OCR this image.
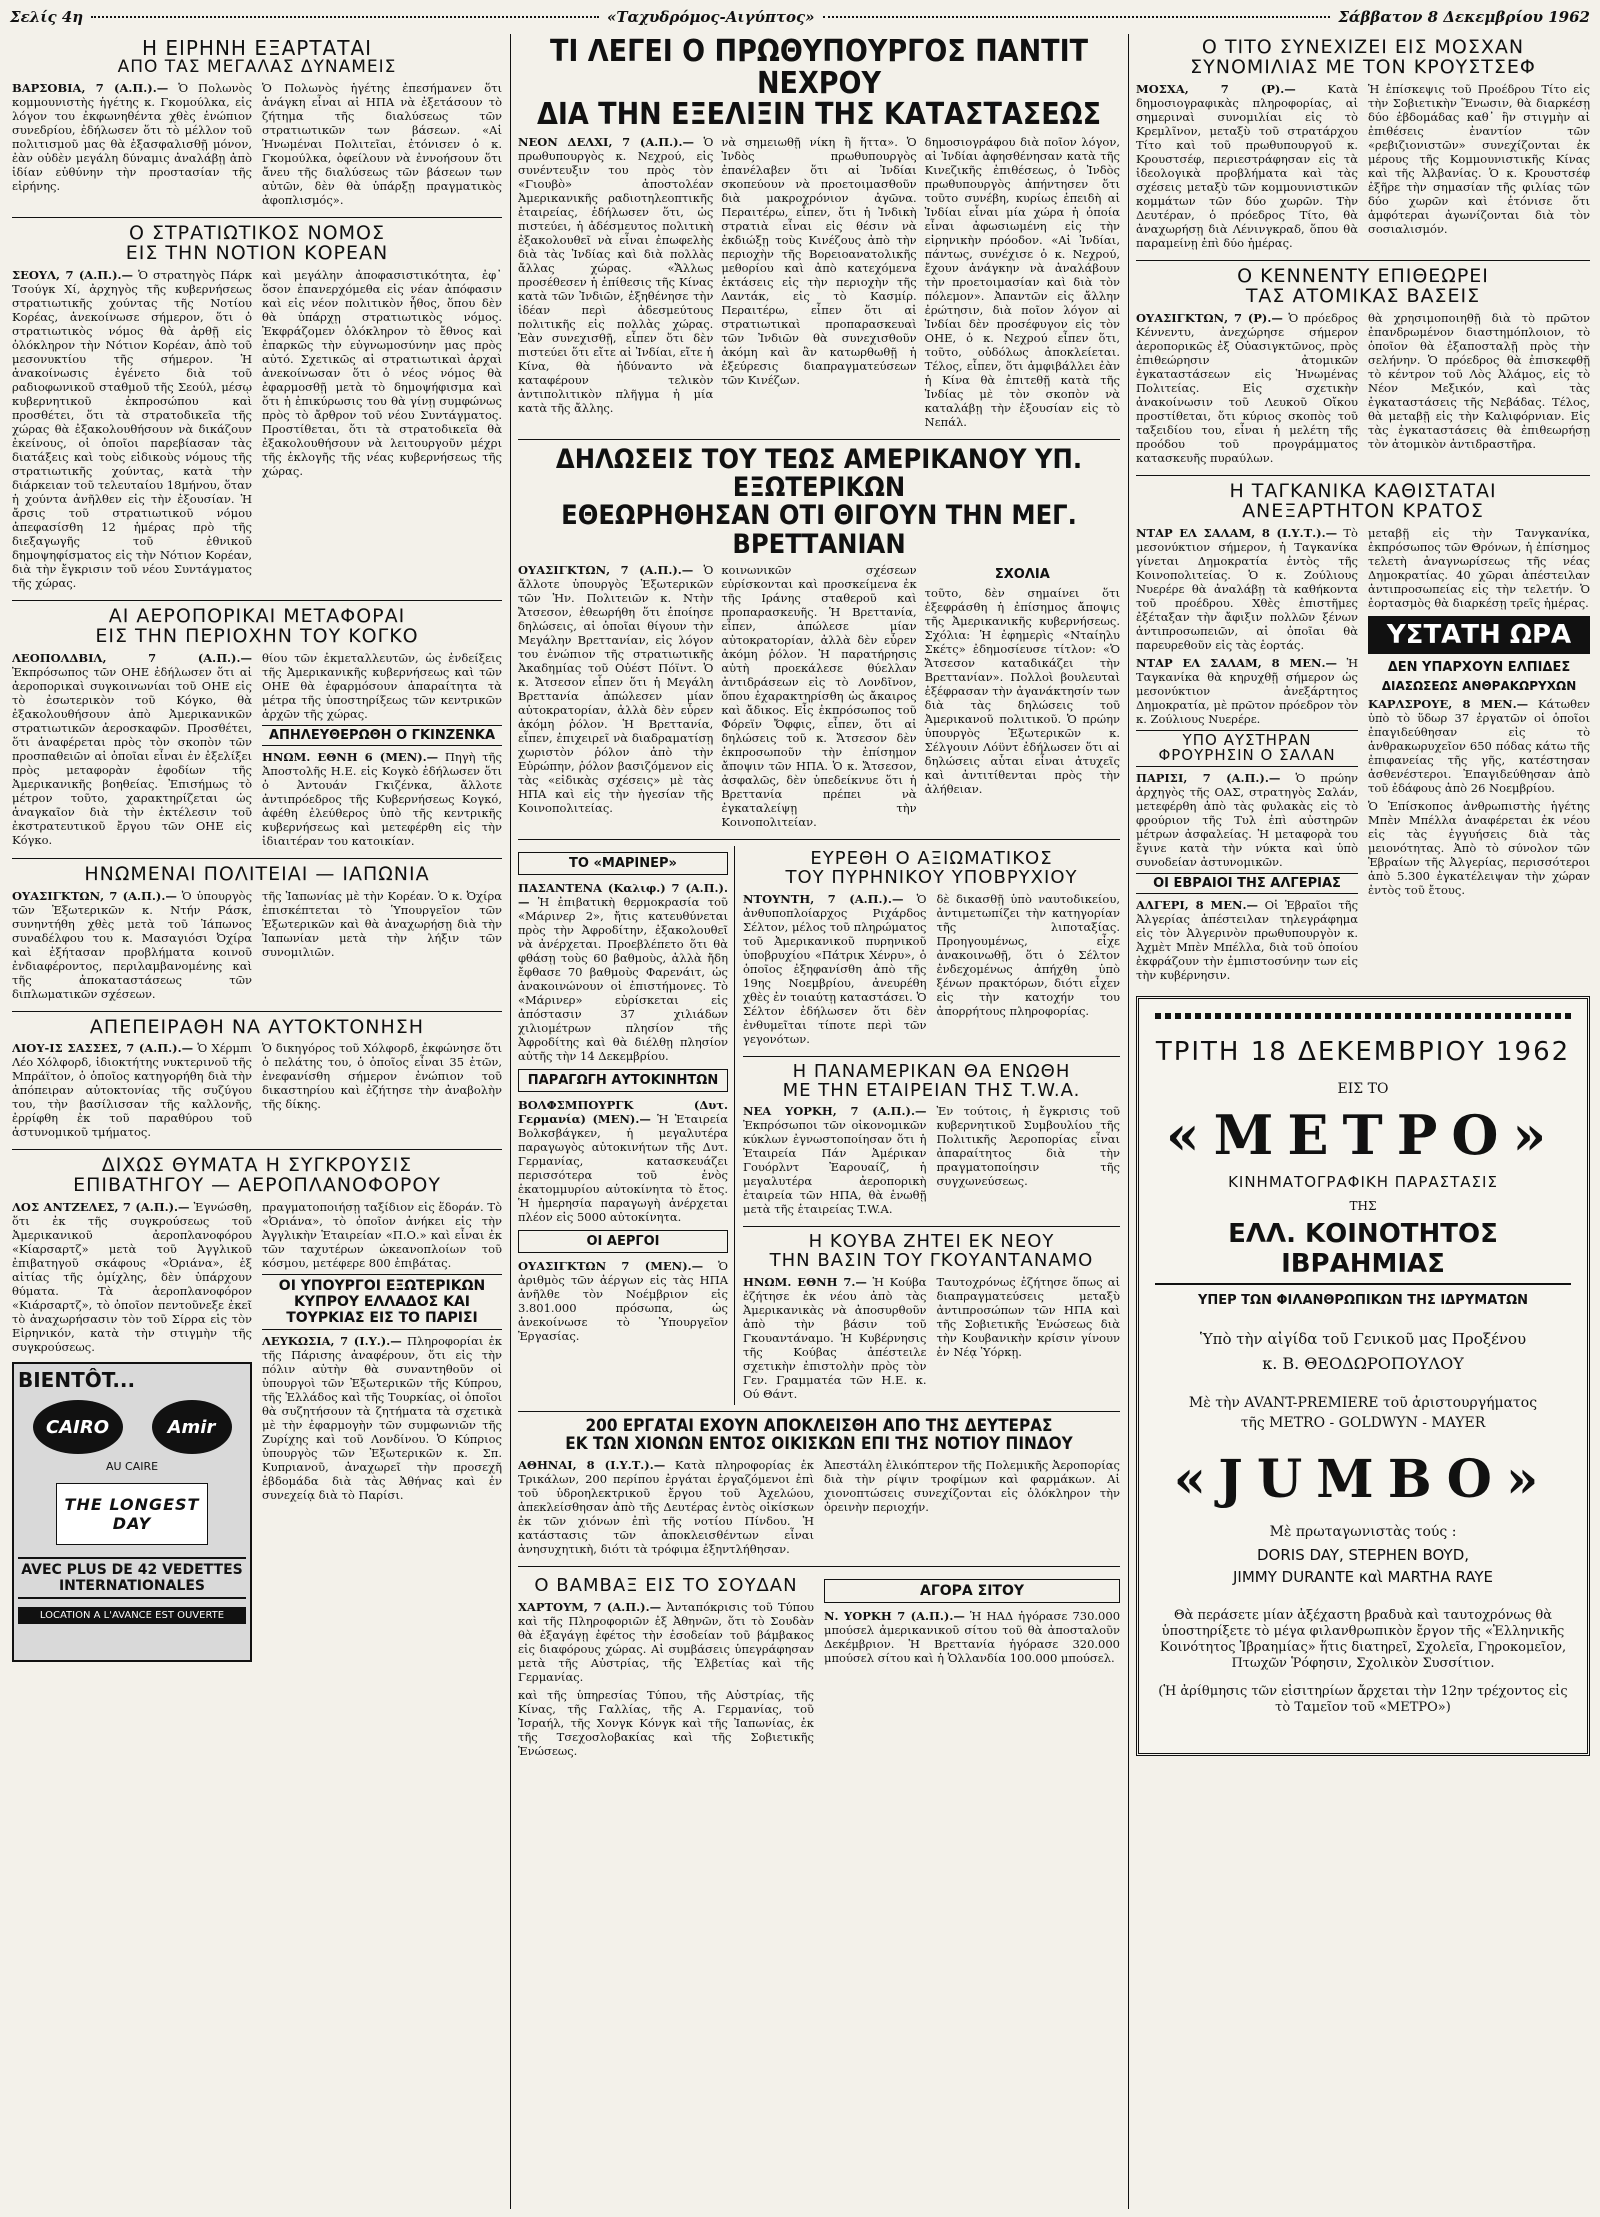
Σελίς 4η	«Ταχυδρόμος-Αιγύπτος»	Σάββατον 8 Δεκεμβρίου 1962
Η ΕΙΡΗΝΗ ΕΞΑΡΤΑΤΑΙ
ΑΠΟ ΤΑΣ ΜΕΓΑΛΑΣ ΔΥΝΑΜΕΙΣ

ΒΑΡΣΟΒΙΑ, 7 (Α.Π.).— Ὁ Πολωνὸς κομμουνιστὴς ἡγέτης κ. Γκομούλκα, εἰς λόγον του ἐκφωνηθέντα χθὲς ἐνώπιον συνεδρίου, ἐδήλωσεν ὅτι τὸ μέλλον τοῦ πολιτισμοῦ μας θὰ ἐξασφαλισθῇ μόνον, ἐὰν οὐδὲν μεγάλη δύναμις ἀναλάβῃ ἀπὸ ἰδίαν εὐθύνην τὴν προστασίαν τῆς εἰρήνης.

Ὁ Πολωνὸς ἡγέτης ἐπεσήμανεν ὅτι ἀνάγκη εἶναι αἱ ΗΠΑ νὰ ἐξετάσουν τὸ ζήτημα τῆς διαλύσεως τῶν στρατιωτικῶν των βάσεων. «Αἱ Ἡνωμέναι Πολιτεῖαι, ἐτόνισεν ὁ κ. Γκομούλκα, ὀφείλουν νὰ ἐννοήσουν ὅτι ἄνευ τῆς διαλύσεως τῶν βάσεων των αὐτῶν, δὲν θὰ ὑπάρξῃ πραγματικὸς ἀφοπλισμός».

Ο ΣΤΡΑΤΙΩΤΙΚΟΣ ΝΟΜΟΣ
ΕΙΣ ΤΗΝ ΝΟΤΙΟΝ ΚΟΡΕΑΝ

ΣΕΟΥΛ, 7 (Α.Π.).— Ὁ στρατηγὸς Πάρκ Τσούγκ Χί, ἀρχηγὸς τῆς κυβερνήσεως στρατιωτικῆς χούντας τῆς Νοτίου Κορέας, ἀνεκοίνωσε σήμερον, ὅτι ὁ στρατιωτικὸς νόμος θὰ ἀρθῇ εἰς ὁλόκληρον τὴν Νότιον Κορέαν, ἀπὸ τοῦ μεσονυκτίου τῆς σήμερον. Ἡ ἀνακοίνωσις ἐγένετο διὰ τοῦ ραδιοφωνικοῦ σταθμοῦ τῆς Σεούλ, μέσῳ κυβερνητικοῦ ἐκπροσώπου καὶ προσθέτει, ὅτι τὰ στρατοδικεῖα τῆς χώρας θὰ ἐξακολουθήσουν νὰ δικάζουν ἐκείνους, οἱ ὁποῖοι παρεβίασαν τὰς διατάξεις καὶ τοὺς εἰδικοὺς νόμους τῆς στρατιωτικῆς χούντας, κατὰ τὴν διάρκειαν τοῦ τελευταίου 18μήνου, ὅταν ἡ χούντα ἀνῆλθεν εἰς τὴν ἐξουσίαν. Ἡ ἄρσις τοῦ στρατιωτικοῦ νόμου ἀπεφασίσθη 12 ἡμέρας πρὸ τῆς διεξαγωγῆς τοῦ ἐθνικοῦ δημοψηφίσματος εἰς τὴν Νότιον Κορέαν, διὰ τὴν ἔγκρισιν τοῦ νέου Συντάγματος τῆς χώρας.

καὶ μεγάλην ἀποφασιστικότητα, ἐφ᾽ ὅσον ἐπανερχόμεθα εἰς νέαν ἀπόφασιν καὶ εἰς νέον πολιτικὸν ἦθος, ὅπου δὲν θὰ ὑπάρχῃ στρατιωτικὸς νόμος. Ἐκφράζομεν ὁλόκληρον τὸ ἔθνος καὶ ἐπαρκῶς τὴν εὐγνωμοσύνην μας πρὸς αὐτό. Σχετικῶς αἱ στρατιωτικαὶ ἀρχαὶ ἀνεκοίνωσαν ὅτι ὁ νέος νόμος θὰ ἐφαρμοσθῇ μετὰ τὸ δημοψήφισμα καὶ ὅτι ἡ ἐπικύρωσις του θὰ γίνῃ συμφώνως πρὸς τὸ ἄρθρον τοῦ νέου Συντάγματος. Προστίθεται, ὅτι τὰ στρατοδικεῖα θὰ ἐξακολουθήσουν νὰ λειτουργοῦν μέχρι τῆς ἐκλογῆς τῆς νέας κυβερνήσεως τῆς χώρας.

ΑΙ ΑΕΡΟΠΟΡΙΚΑΙ ΜΕΤΑΦΟΡΑΙ
ΕΙΣ ΤΗΝ ΠΕΡΙΟΧΗΝ ΤΟΥ ΚΟΓΚΟ

ΛΕΟΠΟΛΔΒΙΛ, 7 (Α.Π.).— Ἐκπρόσωπος τῶν ΟΗΕ ἐδήλωσεν ὅτι αἱ ἀεροπορικαὶ συγκοινωνίαι τοῦ ΟΗΕ εἰς τὸ ἐσωτερικὸν τοῦ Κόγκο, θὰ ἐξακολουθήσουν ἀπὸ Ἀμερικανικῶν στρατιωτικῶν ἀεροσκαφῶν. Προσθέτει, ὅτι ἀναφέρεται πρὸς τὸν σκοπὸν τῶν προσπαθειῶν αἱ ὁποῖαι εἶναι ἐν ἐξελίξει πρὸς μεταφορὰν ἐφοδίων τῆς Ἀμερικανικῆς βοηθείας. Ἐπισήμως τὸ μέτρον τοῦτο, χαρακτηρίζεται ὡς ἀναγκαῖον διὰ τὴν ἐκτέλεσιν τοῦ ἐκστρατευτικοῦ ἔργου τῶν ΟΗΕ εἰς Κόγκο.

θίου τῶν ἐκμεταλλευτῶν, ὡς ἐνδείξεις τῆς Ἀμερικανικῆς κυβερνήσεως καὶ τῶν ΟΗΕ θὰ ἐφαρμόσουν ἀπαραίτητα τὰ μέτρα τῆς ὑποστηρίξεως τῶν κεντρικῶν ἀρχῶν τῆς χώρας.

ΑΠΗΛΕΥΘΕΡΩΘΗ Ο ΓΚΙΝΖΕΝΚΑ

ΗΝΩΜ. ΕΘΝΗ 6 (ΜΕΝ).— Πηγὴ τῆς Ἀποστολῆς Η.Ε. εἰς Κογκὸ ἐδήλωσεν ὅτι ὁ Ἀντουάν Γκιζένκα, ἄλλοτε ἀντιπρόεδρος τῆς Κυβερνήσεως Κογκό, ἀφέθη ἐλεύθερος ὑπὸ τῆς κεντρικῆς κυβερνήσεως καὶ μετεφέρθη εἰς τὴν ἰδιαιτέραν του κατοικίαν.

ΗΝΩΜΕΝΑΙ ΠΟΛΙΤΕΙΑΙ — ΙΑΠΩΝΙΑ

ΟΥΑΣΙΓΚΤΩΝ, 7 (Α.Π.).— Ὁ ὑπουργὸς τῶν Ἐξωτερικῶν κ. Ντήν Ράσκ, συνηντήθη χθὲς μετὰ τοῦ Ἰάπωνος συναδέλφου του κ. Μασαγιόσι Ὀχίρα καὶ ἐξήτασαν προβλήματα κοινοῦ ἐνδιαφέροντος, περιλαμβανομένης καὶ τῆς ἀποκαταστάσεως τῶν διπλωματικῶν σχέσεων.

τῆς Ἰαπωνίας μὲ τὴν Κορέαν. Ὁ κ. Ὀχίρα ἐπισκέπτεται τὸ Ὑπουργεῖον τῶν Ἐξωτερικῶν καὶ θὰ ἀναχωρήσῃ διὰ τὴν Ἰαπωνίαν μετὰ τὴν λήξιν τῶν συνομιλιῶν.

ΑΠΕΠΕΙΡΑΘΗ ΝΑ ΑΥΤΟΚΤΟΝΗΣΗ

ΛΙΟΥ-ΙΣ ΣΑΣΣΕΣ, 7 (Α.Π.).— Ὁ Χέρμπι Λέο Χόλφορδ, ἰδιοκτήτης νυκτερινοῦ τῆς Μπράϊτον, ὁ ὁποῖος κατηγορήθη διὰ τὴν ἀπόπειραν αὐτοκτονίας τῆς συζύγου του, τὴν βασίλισσαν τῆς καλλονῆς, ἐρρίφθη ἐκ τοῦ παραθύρου τοῦ ἀστυνομικοῦ τμήματος.

Ὁ δικηγόρος τοῦ Χόλφορδ, ἐκφώνησε ὅτι ὁ πελάτης του, ὁ ὁποῖος εἶναι 35 ἐτῶν, ἐνεφανίσθη σήμερον ἐνώπιον τοῦ δικαστηρίου καὶ ἐζήτησε τὴν ἀναβολὴν τῆς δίκης.

ΔΙΧΩΣ ΘΥΜΑΤΑ Η ΣΥΓΚΡΟΥΣΙΣ
ΕΠΙΒΑΤΗΓΟΥ — ΑΕΡΟΠΛΑΝΟΦΟΡΟΥ

ΛΟΣ ΑΝΤΖΕΛΕΣ, 7 (Α.Π.).— Ἐγνώσθη, ὅτι ἐκ τῆς συγκρούσεως τοῦ Ἀμερικανικοῦ ἀεροπλανοφόρου «Κίαρσαρτζ» μετὰ τοῦ Ἀγγλικοῦ ἐπιβατηγοῦ σκάφους «Ὀριάνα», ἐξ αἰτίας τῆς ὁμίχλης, δὲν ὑπάρχουν θύματα. Τὰ ἀεροπλανοφόρον «Κιάρσαρτζ», τὸ ὁποῖον πεντοῦνεξε ἐκεῖ τὸ ἀναχωρήσασιν τὸν τοῦ Σίρρα εἰς τὸν Εἰρηνικόν, κατὰ τὴν στιγμὴν τῆς συγκρούσεως.

BIENTÔT...
CAIRO	Amir
AU CAIRE
THE LONGEST DAY
AVEC PLUS DE 42 VEDETTES INTERNATIONALES
LOCATION A L'AVANCE EST OUVERTE

πραγματοποιήσῃ ταξίδιον εἰς ἕδοράν. Τὸ «Ὀριάνα», τὸ ὁποῖον ἀνήκει εἰς τὴν Ἀγγλικὴν Ἑταιρείαν «Π.Ο.» καὶ εἶναι ἐκ τῶν ταχυτέρων ὠκεανοπλοίων τοῦ κόσμου, μετέφερε 800 ἐπιβάτας.

ΟΙ ΥΠΟΥΡΓΟΙ ΕΞΩΤΕΡΙΚΩΝ ΚΥΠΡΟΥ ΕΛΛΑΔΟΣ ΚΑΙ ΤΟΥΡΚΙΑΣ ΕΙΣ ΤΟ ΠΑΡΙΣΙ

ΛΕΥΚΩΣΙΑ, 7 (Ι.Υ.).— Πληροφορίαι ἐκ τῆς Πάρισης ἀναφέρουν, ὅτι εἰς τὴν πόλιν αὐτὴν θὰ συναντηθοῦν οἱ ὑπουργοὶ τῶν Ἐξωτερικῶν τῆς Κύπρου, τῆς Ἑλλάδος καὶ τῆς Τουρκίας, οἱ ὁποῖοι θὰ συζητήσουν τὰ ζητήματα τὰ σχετικὰ μὲ τὴν ἐφαρμογὴν τῶν συμφωνιῶν τῆς Ζυρίχης καὶ τοῦ Λονδίνου. Ὁ Κύπριος ὑπουργὸς τῶν Ἐξωτερικῶν κ. Σπ. Κυπριανοῦ, ἀναχωρεῖ τὴν προσεχῆ ἑβδομάδα διὰ τὰς Ἀθήνας καὶ ἐν συνεχείᾳ διὰ τὸ Παρίσι.

ΤΙ ΛΕΓΕΙ Ο ΠΡΩΘΥΠΟΥΡΓΟΣ ΠΑΝΤΙΤ ΝΕΧΡΟΥ
ΔΙΑ ΤΗΝ ΕΞΕΛΙΞΙΝ ΤΗΣ ΚΑΤΑΣΤΑΣΕΩΣ

ΝΕΟΝ ΔΕΛΧΙ, 7 (Α.Π.).— Ὁ πρωθυπουργὸς κ. Νεχρού, εἰς συνέντευξιν του πρὸς τὸν «Γιουβὸ» ἀποστολέαν Ἀμερικανικῆς ραδιοτηλεοπτικῆς ἑταιρείας, ἐδήλωσεν ὅτι, ὡς πιστεύει, ἡ ἀδέσμευτος πολιτικὴ ἐξακολουθεῖ νὰ εἶναι ἐπωφελὴς διὰ τὰς Ἰνδίας καὶ διὰ πολλὰς ἄλλας χώρας. «Ἄλλως προσέθεσεν ἡ ἐπίθεσις τῆς Κίνας κατὰ τῶν Ἰνδιῶν, ἐξηθένησε τὴν ἰδέαν περὶ ἀδεσμεύτους πολιτικῆς εἰς πολλὰς χώρας. Ἐὰν συνεχισθῇ, εἶπεν ὅτι δὲν πιστεύει ὅτι εἴτε αἱ Ἰνδίαι, εἴτε ἡ Κίνα, θὰ ἠδύναντο νὰ καταφέρουν τελικὸν ἀντιπολιτικὸν πλῆγμα ἡ μία κατὰ τῆς ἄλλης.

νὰ σημειωθῇ νίκη ἢ ἥττα». Ὁ Ἰνδὸς πρωθυπουργὸς ἐπανέλαβεν ὅτι αἱ Ἰνδίαι σκοπεύουν νὰ προετοιμασθοῦν διὰ μακροχρόνιον ἀγῶνα. Περαιτέρω, εἶπεν, ὅτι ἡ Ἰνδικὴ στρατιὰ εἶναι εἰς θέσιν νὰ ἐκδιώξῃ τοὺς Κινέζους ἀπὸ τὴν περιοχὴν τῆς Βορειοανατολικῆς μεθορίου καὶ ἀπὸ κατεχόμενα ἐκτάσεις εἰς τὴν περιοχὴν τῆς Λαντάκ, εἰς τὸ Κασμίρ. Περαιτέρω, εἶπεν ὅτι αἱ στρατιωτικαὶ προπαρασκευαὶ τῶν Ἰνδιῶν θὰ συνεχισθοῦν ἀκόμη καὶ ἂν κατωρθωθῇ ἡ ἐξεύρεσις διαπραγματεύσεων τῶν Κινέζων.

δημοσιογράφου διὰ ποῖον λόγον, αἱ Ἰνδίαι ἀφησθένησαν κατὰ τῆς Κινεζικῆς ἐπιθέσεως, ὁ Ἰνδὸς πρωθυπουργὸς ἀπήντησεν ὅτι τοῦτο συνέβη, κυρίως ἐπειδὴ αἱ Ἰνδίαι εἶναι μία χώρα ἡ ὁποία εἶναι ἀφωσιωμένη εἰς τὴν εἰρηνικὴν πρόοδον. «Αἱ Ἰνδίαι, πάντως, συνέχισε ὁ κ. Νεχρού, ἔχουν ἀνάγκην νὰ ἀναλάβουν τὴν προετοιμασίαν καὶ διὰ τὸν πόλεμον». Ἀπαντῶν εἰς ἄλλην ἐρώτησιν, διὰ ποῖον λόγον αἱ Ἰνδίαι δὲν προσέφυγον εἰς τὸν ΟΗΕ, ὁ κ. Νεχρού εἶπεν ὅτι, τοῦτο, οὐδόλως ἀποκλείεται. Τέλος, εἶπεν, ὅτι ἀμφιβάλλει ἐὰν ἡ Κίνα θὰ ἐπιτεθῇ κατὰ τῆς Ἰνδίας μὲ τὸν σκοπὸν νὰ καταλάβῃ τὴν ἐξουσίαν εἰς τὸ Νεπάλ.

ΔΗΛΩΣΕΙΣ ΤΟΥ ΤΕΩΣ ΑΜΕΡΙΚΑΝΟΥ ΥΠ. ΕΞΩΤΕΡΙΚΩΝ
ΕΘΕΩΡΗΘΗΣΑΝ ΟΤΙ ΘΙΓΟΥΝ ΤΗΝ ΜΕΓ. ΒΡΕΤΤΑΝΙΑΝ

ΟΥΑΣΙΓΚΤΩΝ, 7 (Α.Π.).— Ὁ ἄλλοτε ὑπουργὸς Ἐξωτερικῶν τῶν Ἡν. Πολιτειῶν κ. Ντὴν Ἄτσεσον, ἐθεωρήθη ὅτι ἐποίησε δηλώσεις, αἱ ὁποῖαι θίγουν τὴν Μεγάλην Βρεττανίαν, εἰς λόγον του ἐνώπιον τῆς στρατιωτικῆς Ἀκαδημίας τοῦ Οὐέστ Πόϊντ. Ὁ κ. Ἄτσεσον εἶπεν ὅτι ἡ Μεγάλη Βρεττανία ἀπώλεσεν μίαν αὐτοκρατορίαν, ἀλλὰ δὲν εὗρεν ἀκόμη ῥόλον. Ἡ Βρεττανία, εἶπεν, ἐπιχειρεῖ νὰ διαδραματίσῃ χωριστὸν ῥόλον ἀπὸ τὴν Εὐρώπην, ῥόλον βασιζόμενον εἰς τὰς «εἰδικὰς σχέσεις» μὲ τὰς ΗΠΑ καὶ εἰς τὴν ἡγεσίαν τῆς Κοινοπολιτείας.

κοινωνικῶν σχέσεων εὑρίσκονται καὶ προσκείμενα ἐκ τῆς Ιράνης σταθεροῦ καὶ προπαρασκευῆς. Ἡ Βρεττανία, εἶπεν, ἀπώλεσε μίαν αὐτοκρατορίαν, ἀλλὰ δὲν εὗρεν ἀκόμη ῥόλον. Ἡ παρατήρησις αὐτὴ προεκάλεσε θύελλαν ἀντιδράσεων εἰς τὸ Λονδῖνον, ὅπου ἐχαρακτηρίσθη ὡς ἄκαιρος καὶ ἄδικος. Εἷς ἐκπρόσωπος τοῦ Φόρεϊν Ὄφφις, εἶπεν, ὅτι αἱ δηλώσεις τοῦ κ. Ἄτσεσον δὲν ἐκπροσωποῦν τὴν ἐπίσημον ἄποψιν τῶν ΗΠΑ. Ὁ κ. Ἄτσεσον, ἀσφαλῶς, δὲν ὑπεδείκνυε ὅτι ἡ Βρεττανία πρέπει νὰ ἐγκαταλείψῃ τὴν Κοινοπολιτείαν.

ΣΧΟΛΙΑ

τοῦτο, δὲν σημαίνει ὅτι ἐξεφράσθη ἡ ἐπίσημος ἄποψις τῆς Ἀμερικανικῆς κυβερνήσεως. Σχόλια: Ἡ ἐφημερὶς «Νταίηλυ Σκέτς» ἐδημοσίευσε τίτλον: «Ὁ Ἄτσεσον καταδικάζει τὴν Βρεττανίαν». Πολλοὶ βουλευταὶ ἐξέφρασαν τὴν ἀγανάκτησίν των διὰ τὰς δηλώσεις τοῦ Ἀμερικανοῦ πολιτικοῦ. Ὁ πρώην ὑπουργὸς Ἐξωτερικῶν κ. Σέλγουιν Λόϋντ ἐδήλωσεν ὅτι αἱ δηλώσεις αὗται εἶναι ἀτυχεῖς καὶ ἀντιτίθενται πρὸς τὴν ἀλήθειαν.

ΤΟ «ΜΑΡΙΝΕΡ»

ΠΑΣΑΝΤΕΝΑ (Καλιφ.) 7 (Α.Π.).— Ἡ ἐπιβατικὴ θερμοκρασία τοῦ «Μάρινερ 2», ἤτις κατευθύνεται πρὸς τὴν Ἀφροδίτην, ἐξακολουθεῖ νὰ ἀνέρχεται. Προεβλέπετο ὅτι θὰ φθάσῃ τοὺς 60 βαθμοὺς, ἀλλὰ ἤδη ἔφθασε 70 βαθμοὺς Φαρενάιτ, ὡς ἀνακοινώνουν οἱ ἐπιστήμονες. Τὸ «Μάρινερ» εὑρίσκεται εἰς ἀπόστασιν 37 χιλιάδων χιλιομέτρων πλησίον τῆς Ἀφροδίτης καὶ θὰ διέλθῃ πλησίον αὐτῆς τὴν 14 Δεκεμβρίου.

ΠΑΡΑΓΩΓΗ ΑΥΤΟΚΙΝΗΤΩΝ

ΒΟΛΦΣΜΠΟΥΡΓΚ (Δυτ. Γερμανία) (ΜΕΝ).— Ἡ Ἑταιρεία Βολκσβάγκεν, ἡ μεγαλυτέρα παραγωγὸς αὐτοκινήτων τῆς Δυτ. Γερμανίας, κατασκευάζει περισσότερα τοῦ ἑνὸς ἑκατομμυρίου αὐτοκίνητα τὸ ἔτος. Ἡ ἡμερησία παραγωγὴ ἀνέρχεται πλέον εἰς 5000 αὐτοκίνητα.

ΟΙ ΑΕΡΓΟΙ

ΟΥΑΣΙΓΚΤΩΝ 7 (ΜΕΝ).— Ὁ ἀριθμὸς τῶν ἀέργων εἰς τὰς ΗΠΑ ἀνῆλθε τὸν Νοέμβριον εἰς 3.801.000 πρόσωπα, ὡς ἀνεκοίνωσε τὸ Ὑπουργεῖον Ἐργασίας.

ΕΥΡΕΘΗ Ο ΑΞΙΩΜΑΤΙΚΟΣ
ΤΟΥ ΠΥΡΗΝΙΚΟΥ ΥΠΟΒΡΥΧΙΟΥ

ΝΤΟΥΝΤΗ, 7 (Α.Π.).— Ὁ ἀνθυποπλοίαρχος Ριχάρδος Σέλτον, μέλος τοῦ πληρώματος τοῦ Ἀμερικανικοῦ πυρηνικοῦ ὑποβρυχίου «Πάτρικ Χένρυ», ὁ ὁποῖος ἐξηφανίσθη ἀπὸ τῆς 19ης Νοεμβρίου, ἀνευρέθη χθὲς ἐν τοιαύτῃ καταστάσει. Ὁ Σέλτον ἐδήλωσεν ὅτι δὲν ἐνθυμεῖται τίποτε περὶ τῶν γεγονότων.

δὲ δικασθῇ ὑπὸ ναυτοδικείου, ἀντιμετωπίζει τὴν κατηγορίαν τῆς λιποταξίας. Προηγουμένως, εἶχε ἀνακοινωθῇ, ὅτι ὁ Σέλτον ἐνδεχομένως ἀπήχθη ὑπὸ ξένων πρακτόρων, διότι εἶχεν εἰς τὴν κατοχήν του ἀπορρήτους πληροφορίας.

Η ΠΑΝΑΜΕΡΙΚΑΝ ΘΑ ΕΝΩΘΗ
ΜΕ ΤΗΝ ΕΤΑΙΡΕΙΑΝ ΤΗΣ T.W.A.

ΝΕΑ ΥΟΡΚΗ, 7 (Α.Π.).— Ἐκπρόσωποι τῶν οἰκονομικῶν κύκλων ἐγνωστοποίησαν ὅτι ἡ Ἑταιρεία Πάν Ἀμέρικαν Γουόρλντ Ἐαρουαίζ, ἡ μεγαλυτέρα ἀεροπορικὴ ἑταιρεία τῶν ΗΠΑ, θὰ ἑνωθῇ μετὰ τῆς ἑταιρείας T.W.A.

Ἐν τούτοις, ἡ ἔγκρισις τοῦ κυβερνητικοῦ Συμβουλίου τῆς Πολιτικῆς Ἀεροπορίας εἶναι ἀπαραίτητος διὰ τὴν πραγματοποίησιν τῆς συγχωνεύσεως.

Η ΚΟΥΒΑ ΖΗΤΕΙ ΕΚ ΝΕΟΥ
ΤΗΝ ΒΑΣΙΝ ΤΟΥ ΓΚΟΥΑΝΤΑΝΑΜΟ

ΗΝΩΜ. ΕΘΝΗ 7.— Ἡ Κούβα ἐζήτησε ἐκ νέου ἀπὸ τὰς Ἀμερικανικὰς νὰ ἀποσυρθοῦν ἀπὸ τὴν βάσιν τοῦ Γκουαντάναμο. Ἡ Κυβέρνησις τῆς Κούβας ἀπέστειλε σχετικὴν ἐπιστολὴν πρὸς τὸν Γεν. Γραμματέα τῶν Η.Ε. κ. Ού Θάντ.

Ταυτοχρόνως ἐζήτησε ὅπως αἱ διαπραγματεύσεις μεταξὺ ἀντιπροσώπων τῶν ΗΠΑ καὶ τῆς Σοβιετικῆς Ἑνώσεως διὰ τὴν Κουβανικὴν κρίσιν γίνουν ἐν Νέᾳ Ὑόρκῃ.

200 ΕΡΓΑΤΑΙ ΕΧΟΥΝ ΑΠΟΚΛΕΙΣΘΗ ΑΠΟ ΤΗΣ ΔΕΥΤΕΡΑΣ
ΕΚ ΤΩΝ ΧΙΟΝΩΝ ΕΝΤΟΣ ΟΙΚΙΣΚΩΝ ΕΠΙ ΤΗΣ ΝΟΤΙΟΥ ΠΙΝΔΟΥ

ΑΘΗΝΑΙ, 8 (Ι.Υ.Τ.).— Κατὰ πληροφορίας ἐκ Τρικάλων, 200 περίπου ἐργάται ἐργαζόμενοι ἐπὶ τοῦ ὑδροηλεκτρικοῦ ἔργου τοῦ Ἀχελώου, ἀπεκλείσθησαν ἀπὸ τῆς Δευτέρας ἐντὸς οἰκίσκων ἐκ τῶν χιόνων ἐπὶ τῆς νοτίου Πίνδου. Ἡ κατάστασις τῶν ἀποκλεισθέντων εἶναι ἀνησυχητικὴ, διότι τὰ τρόφιμα ἐξηντλήθησαν.

Ἀπεστάλη ἐλικόπτερον τῆς Πολεμικῆς Ἀεροπορίας διὰ τὴν ρίψιν τροφίμων καὶ φαρμάκων. Αἱ χιονοπτώσεις συνεχίζονται εἰς ὁλόκληρον τὴν ὀρεινὴν περιοχήν.

Ο ΒΑΜΒΑΞ ΕΙΣ ΤΟ ΣΟΥΔΑΝ

ΧΑΡΤΟΥΜ, 7 (Α.Π.).— Ἀνταπόκρισις τοῦ Τύπου καὶ τῆς Πληροφοριῶν ἐξ Ἀθηνῶν, ὅτι τὸ Σουδὰν θὰ ἐξαγάγῃ ἐφέτος τὴν ἐσοδείαν τοῦ βάμβακος εἰς διαφόρους χώρας. Αἱ συμβάσεις ὑπεγράφησαν μετὰ τῆς Αὐστρίας, τῆς Ἑλβετίας καὶ τῆς Γερμανίας.

καὶ τῆς ὑπηρεσίας Τύπου, τῆς Αὐστρίας, τῆς Κίνας, τῆς Γαλλίας, τῆς Α. Γερμανίας, τοῦ Ἰσραήλ, τῆς Χονγκ Κόνγκ καὶ τῆς Ἰαπωνίας, ἐκ τῆς Τσεχοσλοβακίας καὶ τῆς Σοβιετικῆς Ἑνώσεως.

ΑΓΟΡΑ ΣΙΤΟΥ

Ν. ΥΟΡΚΗ 7 (Α.Π.).— Ἡ ΗΑΔ ἠγόρασε 730.000 μπούσελ ἀμερικανικοῦ σίτου τοῦ θὰ ἀποσταλοῦν Δεκέμβριον. Ἡ Βρεττανία ἠγόρασε 320.000 μπούσελ σίτου καὶ ἡ Ὁλλανδία 100.000 μπούσελ.

Ο ΤΙΤΟ ΣΥΝΕΧΙΖΕΙ ΕΙΣ ΜΟΣΧΑΝ
ΣΥΝΟΜΙΛΙΑΣ ΜΕ ΤΟΝ ΚΡΟΥΣΤΣΕΦ

ΜΟΣΧΑ, 7 (Ρ).—	Κατὰ δημοσιογραφικὰς πληροφορίας, αἱ σημεριναὶ συνομιλίαι εἰς τὸ Κρεμλῖνον, μεταξὺ τοῦ στρατάρχου Τίτο καὶ τοῦ πρωθυπουργοῦ κ. Κρουστσέφ, περιεστράφησαν εἰς τὰ ἰδεολογικὰ προβλήματα καὶ τὰς σχέσεις μεταξὺ τῶν κομμουνιστικῶν κομμάτων τῶν δύο χωρῶν. Τὴν Δευτέραν, ὁ πρόεδρος Τίτο, θὰ ἀναχωρήσῃ διὰ Λένινγκραδ, ὅπου θὰ παραμείνῃ ἐπὶ δύο ἡμέρας.

Ἡ ἐπίσκεψις τοῦ Προέδρου Τίτο εἰς τὴν Σοβιετικὴν Ἕνωσιν, θὰ διαρκέσῃ δύο ἑβδομάδας καθ᾽ ἣν στιγμὴν αἱ ἐπιθέσεις ἐναντίον τῶν «ρεβιζιονιστῶν» συνεχίζονται ἐκ μέρους τῆς Κομμουνιστικῆς Κίνας καὶ τῆς Ἀλβανίας. Ὁ κ. Κρουστσέφ ἐξῆρε τὴν σημασίαν τῆς φιλίας τῶν δύο χωρῶν καὶ ἐτόνισε ὅτι ἀμφότεραι ἀγωνίζονται διὰ τὸν σοσιαλισμόν.

Ο ΚΕΝΝΕΝΤΥ ΕΠΙΘΕΩΡΕΙ
ΤΑΣ ΑΤΟΜΙΚΑΣ ΒΑΣΕΙΣ

ΟΥΑΣΙΓΚΤΩΝ, 7 (Ρ).— Ὁ πρόεδρος Κέννεντυ, ἀνεχώρησε σήμερον ἀεροπορικῶς ἐξ Οὐασιγκτῶνος, πρὸς ἐπιθεώρησιν ἀτομικῶν ἐγκαταστάσεων εἰς Ἡνωμένας Πολιτείας. Εἰς σχετικὴν ἀνακοίνωσιν τοῦ Λευκοῦ Οἴκου προστίθεται, ὅτι κύριος σκοπὸς τοῦ ταξειδίου του, εἶναι ἡ μελέτη τῆς προόδου τοῦ προγράμματος κατασκευῆς πυραύλων.

θὰ χρησιμοποιηθῇ διὰ τὸ πρῶτον ἐπανδρωμένον διαστημόπλοιον, τὸ ὁποῖον θὰ ἐξαποσταλῇ πρὸς τὴν σελήνην. Ὁ πρόεδρος θὰ ἐπισκεφθῇ τὸ κέντρον τοῦ Λὸς Ἀλάμος, εἰς τὸ Νέον Μεξικόν, καὶ τὰς ἐγκαταστάσεις τῆς Νεβάδας. Τέλος, θὰ μεταβῇ εἰς τὴν Καλιφόρνιαν. Εἰς τὰς ἐγκαταστάσεις θὰ ἐπιθεωρήσῃ τὸν ἀτομικὸν ἀντιδραστῆρα.

Η ΤΑΓΚΑΝΙΚΑ ΚΑΘΙΣΤΑΤΑΙ
ΑΝΕΞΑΡΤΗΤΟΝ ΚΡΑΤΟΣ

ΝΤΑΡ ΕΛ ΣΑΛΑΜ, 8 (Ι.Υ.Τ.).— Τὸ μεσονύκτιον σήμερον, ἡ Ταγκανίκα γίνεται Δημοκρατία ἐντὸς τῆς Κοινοπολιτείας. Ὁ κ. Ζούλιους Νυερέρε θὰ ἀναλάβῃ τὰ καθήκοντα τοῦ προέδρου. Χθὲς ἐπιστῆμες ἐξέταξαν τὴν ἄφιξιν πολλῶν ξένων ἀντιπροσωπειῶν, αἱ ὁποῖαι θὰ παρευρεθοῦν εἰς τὰς ἑορτάς.

ΝΤΑΡ ΕΛ ΣΑΛΑΜ, 8 ΜΕΝ.— Ἡ Ταγκανίκα θὰ κηρυχθῇ σήμερον ὡς μεσονύκτιον ἀνεξάρτητος Δημοκρατία, μὲ πρῶτον πρόεδρον τὸν κ. Ζούλιους Νυερέρε.

ΥΠΟ ΑΥΣΤΗΡΑΝ
ΦΡΟΥΡΗΣΙΝ Ο ΣΑΛΑΝ

ΠΑΡΙΣΙ, 7 (Α.Π.).— Ὁ πρώην ἀρχηγὸς τῆς ΟΑΣ, στρατηγὸς Σαλάν, μετεφέρθη ἀπὸ τὰς φυλακὰς εἰς τὸ φρούριον τῆς Τυλ ἐπὶ αὐστηρῶν μέτρων ἀσφαλείας. Ἡ μεταφορὰ του ἔγινε κατὰ τὴν νύκτα καὶ ὑπὸ συνοδείαν ἀστυνομικῶν.

ΟΙ ΕΒΡΑΙΟΙ ΤΗΣ ΑΛΓΕΡΙΑΣ

ΑΛΓΕΡΙ, 8 ΜΕΝ.— Οἱ Ἑβραῖοι τῆς Ἀλγερίας ἀπέστειλαν τηλεγράφημα εἰς τὸν Ἀλγερινὸν πρωθυπουργὸν κ. Ἀχμὲτ Μπὲν Μπέλλα, διὰ τοῦ ὁποίου ἐκφράζουν τὴν ἐμπιστοσύνην των εἰς τὴν κυβέρνησιν.

μεταβῇ εἰς τὴν Τανγκανίκα, ἐκπρόσωπος τῶν Θρόνων, ἡ ἐπίσημος τελετὴ ἀναγνωρίσεως τῆς νέας Δημοκρατίας. 40 χῶραι ἀπέστειλαν ἀντιπροσωπείας εἰς τὴν τελετήν. Ὁ ἐορτασμὸς θὰ διαρκέσῃ τρεῖς ἡμέρας.

ΥΣΤΑΤΗ ΩΡΑ
ΔΕΝ ΥΠΑΡΧΟΥΝ ΕΛΠΙΔΕΣ
ΔΙΑΣΩΣΕΩΣ ΑΝΘΡΑΚΩΡΥΧΩΝ

ΚΑΡΛΣΡΟΥΕ, 8 ΜΕΝ.— Κάτωθεν ὑπὸ τὸ ὕδωρ 37 ἐργατῶν οἱ ὁποῖοι ἐπαγιδεύθησαν εἰς τὸ ἀνθρακωρυχεῖον 650 πόδας κάτω τῆς ἐπιφανείας τῆς γῆς, κατέστησαν ἀσθενέστεροι. Ἐπαγιδεύθησαν ἀπὸ τοῦ ἐδάφους ἀπὸ 26 Νοεμβρίου.

Ὁ Ἐπίσκοπος ἀνθρωπιστὴς ἡγέτης Μπὲν Μπέλλα ἀναφέρεται ἐκ νέου εἰς τὰς ἐγγυήσεις διὰ τὰς μειονότητας. Ἀπὸ τὸ σύνολον τῶν Ἑβραίων τῆς Ἀλγερίας, περισσότεροι ἀπὸ 5.300 ἐγκατέλειψαν τὴν χώραν ἐντὸς τοῦ ἔτους.

ΤΡΙΤΗ 18 ΔΕΚΕΜΒΡΙΟΥ 1962
ΕΙΣ ΤΟ
«ΜΕΤΡΟ»
ΚΙΝΗΜΑΤΟΓΡΑΦΙΚΗ ΠΑΡΑΣΤΑΣΙΣ
ΤΗΣ
ΕΛΛ. ΚΟΙΝΟΤΗΤΟΣ ΙΒΡΑΗΜΙΑΣ
ΥΠΕΡ ΤΩΝ ΦΙΛΑΝΘΡΩΠΙΚΩΝ ΤΗΣ ΙΔΡΥΜΑΤΩΝ
Ὑπὸ τὴν αἰγίδα τοῦ Γενικοῦ μας Προξένου
κ. Β. ΘΕΟΔΩΡΟΠΟΥΛΟΥ
Μὲ τὴν AVANT-PREMIERE τοῦ ἀριστουργήματος
τῆς METRO - GOLDWYN - MAYER
«JUMBO»
Μὲ πρωταγωνιστὰς τούς :
DORIS DAY, STEPHEN BOYD,
JIMMY DURANTE καὶ MARTHA RAYE

Θὰ περάσετε μίαν ἀξέχαστη βραδυὰ καὶ ταυτοχρόνως θὰ ὑποστηρίξετε τὸ μέγα φιλανθρωπικὸν ἔργον τῆς «Ἑλληνικῆς Κοινότητος Ἰβραημίας» ἥτις διατηρεῖ, Σχολεῖα, Γηροκομεῖον, Πτωχῶν Ῥόφησιν, Σχολικὸν Συσσίτιον.

(Ἡ ἀρίθμησις τῶν εἰσιτηρίων ἄρχεται τὴν 12ην τρέχοντος εἰς τὸ Ταμεῖον τοῦ «ΜΕΤΡΟ»)
